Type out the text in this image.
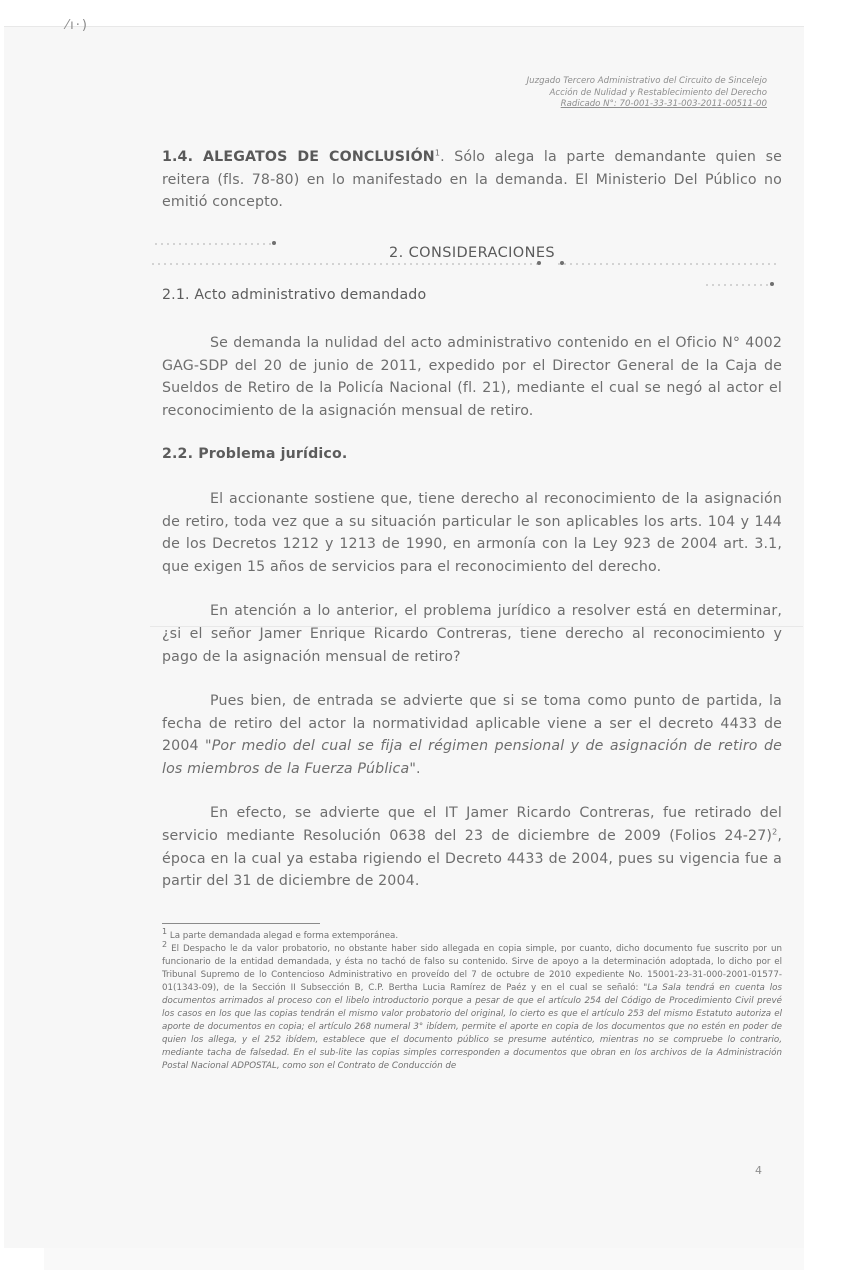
⁄ı·)
Juzgado Tercero Administrativo del Circuito de Sincelejo
Acción de Nulidad y Restablecimiento del Derecho
Radicado N°: 70-001-33-31-003-2011-00511-00

1.4. ALEGATOS DE CONCLUSIÓN$^1$. Sólo alega la parte demandante quien se reitera (fls. 78-80) en lo manifestado en la demanda. El Ministerio Del Público no emitió concepto.

2. CONSIDERACIONES

2.1. Acto administrativo demandado

Se demanda la nulidad del acto administrativo contenido en el Oficio N° 4002 GAG-SDP del 20 de junio de 2011, expedido por el Director General de la Caja de Sueldos de Retiro de la Policía Nacional (fl. 21), mediante el cual se negó al actor el reconocimiento de la asignación mensual de retiro.

2.2. Problema jurídico.

El accionante sostiene que, tiene derecho al reconocimiento de la asignación de retiro, toda vez que a su situación particular le son aplicables los arts. 104 y 144 de los Decretos 1212 y 1213 de 1990, en armonía con la Ley 923 de 2004 art. 3.1, que exigen 15 años de servicios para el reconocimiento del derecho.

En atención a lo anterior, el problema jurídico a resolver está en determinar, ¿si el señor Jamer Enrique Ricardo Contreras, tiene derecho al reconocimiento y pago de la asignación mensual de retiro?

Pues bien, de entrada se advierte que si se toma como punto de partida, la fecha de retiro del actor la normatividad aplicable viene a ser el decreto 4433 de 2004 "Por medio del cual se fija el régimen pensional y de asignación de retiro de los miembros de la Fuerza Pública".

En efecto, se advierte que el IT Jamer Ricardo Contreras, fue retirado del servicio mediante Resolución 0638 del 23 de diciembre de 2009 (Folios 24-27)$^2$, época en la cual ya estaba rigiendo el Decreto 4433 de 2004, pues su vigencia fue a partir del 31 de diciembre de 2004.

$^1$ La parte demandada alegad e forma extemporánea.
$^2$ El Despacho le da valor probatorio, no obstante haber sido allegada en copia simple, por cuanto, dicho documento fue suscrito por un funcionario de la entidad demandada, y ésta no tachó de falso su contenido. Sirve de apoyo a la determinación adoptada, lo dicho por el Tribunal Supremo de lo Contencioso Administrativo en proveído del 7 de octubre de 2010 expediente No. 15001-23-31-000-2001-01577-01(1343-09), de la Sección II Subsección B, C.P. Bertha Lucia Ramírez de Paéz y en el cual se señaló: "La Sala tendrá en cuenta los documentos arrimados al proceso con el libelo introductorio porque a pesar de que el artículo 254 del Código de Procedimiento Civil prevé los casos en los que las copias tendrán el mismo valor probatorio del original, lo cierto es que el artículo 253 del mismo Estatuto autoriza el aporte de documentos en copia; el artículo 268 numeral 3° ibídem, permite el aporte en copia de los documentos que no estén en poder de quien los allega, y el 252 ibídem, establece que el documento público se presume auténtico, mientras no se compruebe lo contrario, mediante tacha de falsedad. En el sub-lite las copias simples corresponden a documentos que obran en los archivos de la Administración Postal Nacional ADPOSTAL, como son el Contrato de Conducción de
4
